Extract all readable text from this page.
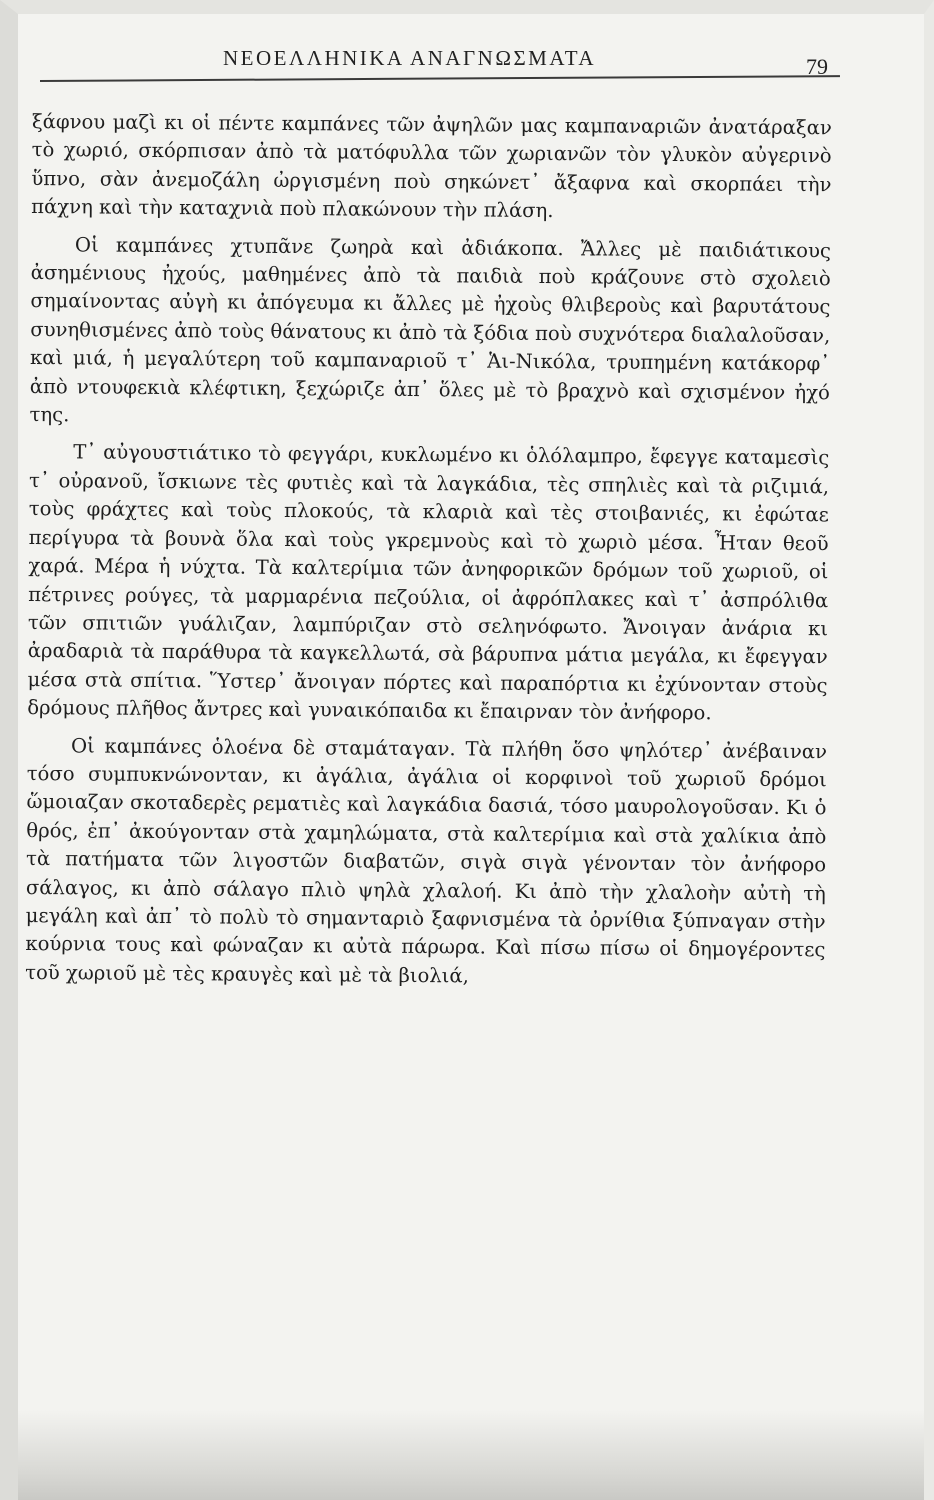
ΝΕΟΕΛΛΗΝΙΚΑ ΑΝΑΓΝΩΣΜΑΤΑ	79

ξάφνου μαζὶ κι οἱ πέντε καμπάνες τῶν ἀψηλῶν μας καμπαναριῶν ἀνατάραξαν τὸ χωριό, σκόρπισαν ἀπὸ τὰ ματόφυλλα τῶν χωριανῶν τὸν γλυκὸν αὐγερινὸ ὕπνο, σὰν ἀνεμοζάλη ὠργισμένη ποὺ σηκώνετ᾽ ἄξαφνα καὶ σκορπάει τὴν πάχνη καὶ τὴν καταχνιὰ ποὺ πλακώνουν τὴν πλάση.

Οἱ καμπάνες χτυπᾶνε ζωηρὰ καὶ ἀδιάκοπα. Ἄλλες μὲ παιδιάτικους ἀσημένιους ἠχούς, μαθημένες ἀπὸ τὰ παιδιὰ ποὺ κράζουνε στὸ σχολειὸ σημαίνοντας αὐγὴ κι ἀπόγευμα κι ἄλλες μὲ ἠχοὺς θλιβεροὺς καὶ βαρυτάτους συνηθισμένες ἀπὸ τοὺς θάνατους κι ἀπὸ τὰ ξόδια ποὺ συχνότερα διαλαλοῦσαν, καὶ μιά, ἡ μεγαλύτερη τοῦ καμπαναριοῦ τ᾽ Ἁι-Νικόλα, τρυπημένη κατάκορφ᾽ ἀπὸ ντουφεκιὰ κλέφτικη, ξεχώριζε ἀπ᾽ ὅλες μὲ τὸ βραχνὸ καὶ σχισμένον ἠχό της.

Τ᾽ αὐγουστιάτικο τὸ φεγγάρι, κυκλωμένο κι ὁλόλαμπρο, ἔφεγγε καταμεσὶς τ᾽ οὐρανοῦ, ἴσκιωνε τὲς φυτιὲς καὶ τὰ λαγκάδια, τὲς σπηλιὲς καὶ τὰ ριζιμιά, τοὺς φράχτες καὶ τοὺς πλοκούς, τὰ κλαριὰ καὶ τὲς στοιβανιές, κι ἐφώταε περίγυρα τὰ βουνὰ ὅλα καὶ τοὺς γκρεμνοὺς καὶ τὸ χωριὸ μέσα. Ἦταν θεοῦ χαρά. Μέρα ἡ νύχτα. Τὰ καλτερίμια τῶν ἀνηφορικῶν δρόμων τοῦ χωριοῦ, οἱ πέτρινες ρούγες, τὰ μαρμαρένια πεζούλια, οἱ ἀφρόπλακες καὶ τ᾽ ἀσπρόλιθα τῶν σπιτιῶν γυάλιζαν, λαμπύριζαν στὸ σεληνόφωτο. Ἄνοιγαν ἀνάρια κι ἀραδαριὰ τὰ παράθυρα τὰ καγκελλωτά, σὰ βάρυπνα μάτια μεγάλα, κι ἔφεγγαν μέσα στὰ σπίτια. Ὕστερ᾽ ἄνοιγαν πόρτες καὶ παραπόρτια κι ἐχύνονταν στοὺς δρόμους πλῆθος ἄντρες καὶ γυναικόπαιδα κι ἔπαιρναν τὸν ἀνήφορο.

Οἱ καμπάνες ὁλοένα δὲ σταμάταγαν. Τὰ πλήθη ὅσο ψηλότερ᾽ ἀνέβαιναν τόσο συμπυκνώνονταν, κι ἀγάλια, ἀγάλια οἱ κορφινοὶ τοῦ χωριοῦ δρόμοι ὥμοιαζαν σκοταδερὲς ρεματιὲς καὶ λαγκάδια δασιά, τόσο μαυρολογοῦσαν. Κι ὁ θρός, ἐπ᾽ ἀκούγονταν στὰ χαμηλώματα, στὰ καλτερίμια καὶ στὰ χαλίκια ἀπὸ τὰ πατήματα τῶν λιγοστῶν διαβατῶν, σιγὰ σιγὰ γένονταν τὸν ἀνήφορο σάλαγος, κι ἀπὸ σάλαγο πλιὸ ψηλὰ χλαλοή. Κι ἀπὸ τὴν χλαλοὴν αὐτὴ τὴ μεγάλη καὶ ἀπ᾽ τὸ πολὺ τὸ σημανταριὸ ξαφνισμένα τὰ ὀρνίθια ξύπναγαν στὴν κούρνια τους καὶ φώναζαν κι αὐτὰ πάρωρα. Καὶ πίσω πίσω οἱ δημογέροντες τοῦ χωριοῦ μὲ τὲς κραυγὲς καὶ μὲ τὰ βιολιά,
